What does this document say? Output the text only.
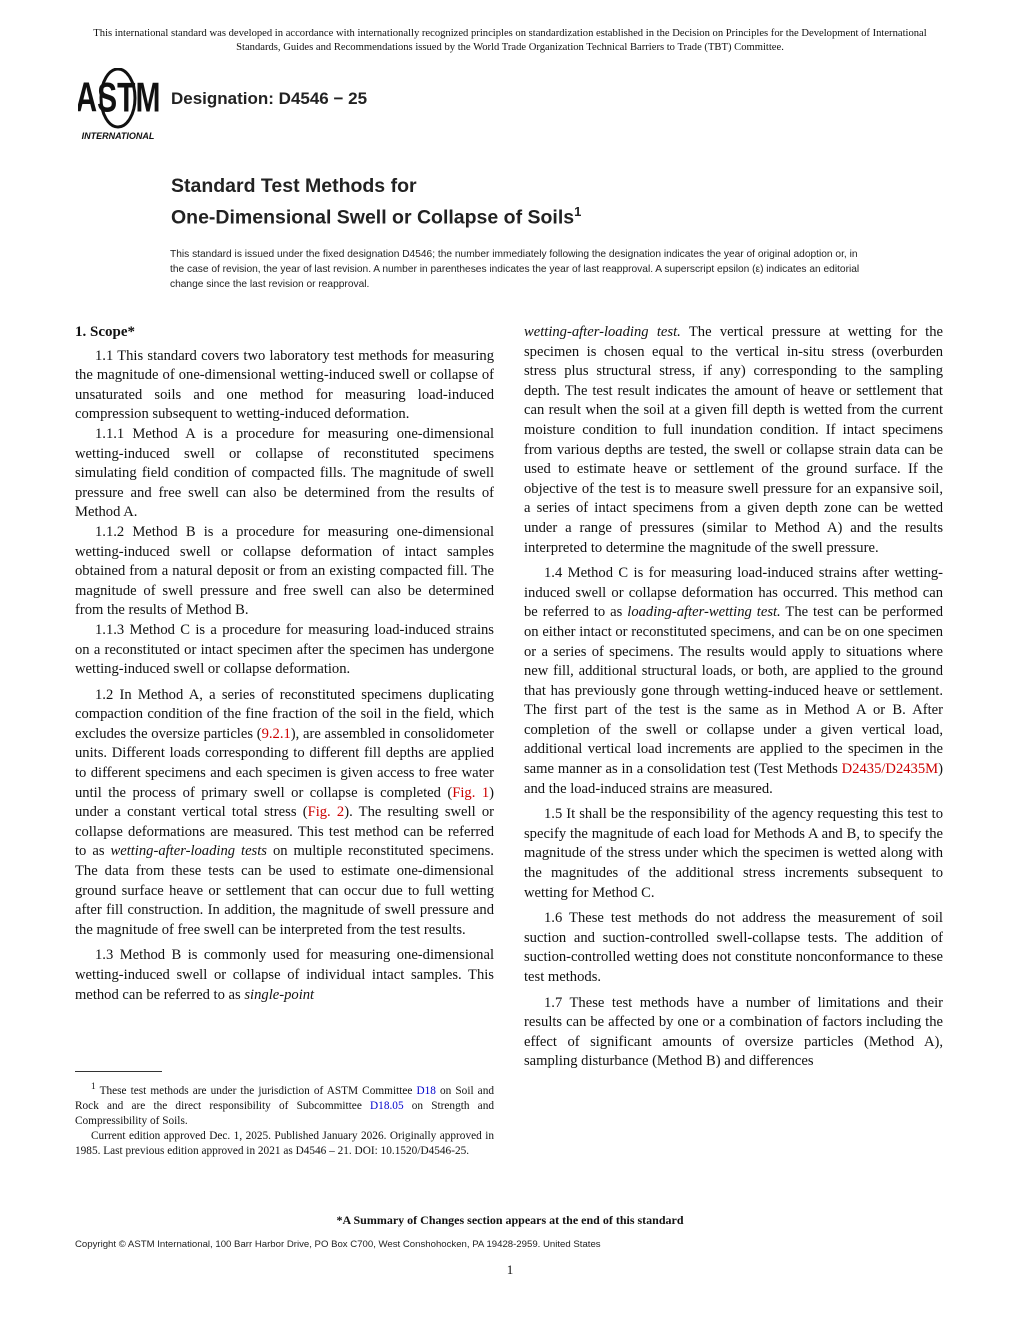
This international standard was developed in accordance with internationally recognized principles on standardization established in the Decision on Principles for the Development of International Standards, Guides and Recommendations issued by the World Trade Organization Technical Barriers to Trade (TBT) Committee.
ASTM
INTERNATIONAL
Designation: D4546 − 25
Standard Test Methods for
One-Dimensional Swell or Collapse of Soils$^1$
This standard is issued under the fixed designation D4546; the number immediately following the designation indicates the year of original adoption or, in the case of revision, the year of last revision. A number in parentheses indicates the year of last reapproval. A superscript epsilon (ε) indicates an editorial change since the last revision or reapproval.
1. Scope*

1.1 This standard covers two laboratory test methods for measuring the magnitude of one-dimensional wetting-induced swell or collapse of unsaturated soils and one method for measuring load-induced compression subsequent to wetting-induced deformation.

1.1.1 Method A is a procedure for measuring one-dimensional wetting-induced swell or collapse of reconstituted specimens simulating field condition of compacted fills. The magnitude of swell pressure and free swell can also be determined from the results of Method A.

1.1.2 Method B is a procedure for measuring one-dimensional wetting-induced swell or collapse deformation of intact samples obtained from a natural deposit or from an existing compacted fill. The magnitude of swell pressure and free swell can also be determined from the results of Method B.

1.1.3 Method C is a procedure for measuring load-induced strains on a reconstituted or intact specimen after the specimen has undergone wetting-induced swell or collapse deformation.

1.2 In Method A, a series of reconstituted specimens duplicating compaction condition of the fine fraction of the soil in the field, which excludes the oversize particles (9.2.1), are assembled in consolidometer units. Different loads corresponding to different fill depths are applied to different specimens and each specimen is given access to free water until the process of primary swell or collapse is completed (Fig. 1) under a constant vertical total stress (Fig. 2). The resulting swell or collapse deformations are measured. This test method can be referred to as wetting-after-loading tests on multiple reconstituted specimens. The data from these tests can be used to estimate one-dimensional ground surface heave or settlement that can occur due to full wetting after fill construction. In addition, the magnitude of swell pressure and the magnitude of free swell can be interpreted from the test results.

1.3 Method B is commonly used for measuring one-dimensional wetting-induced swell or collapse of individual intact samples. This method can be referred to as single-point

wetting-after-loading test. The vertical pressure at wetting for the specimen is chosen equal to the vertical in-situ stress (overburden stress plus structural stress, if any) corresponding to the sampling depth. The test result indicates the amount of heave or settlement that can result when the soil at a given fill depth is wetted from the current moisture condition to full inundation condition. If intact specimens from various depths are tested, the swell or collapse strain data can be used to estimate heave or settlement of the ground surface. If the objective of the test is to measure swell pressure for an expansive soil, a series of intact specimens from a given depth zone can be wetted under a range of pressures (similar to Method A) and the results interpreted to determine the magnitude of the swell pressure.

1.4 Method C is for measuring load-induced strains after wetting-induced swell or collapse deformation has occurred. This method can be referred to as loading-after-wetting test. The test can be performed on either intact or reconstituted specimens, and can be on one specimen or a series of specimens. The results would apply to situations where new fill, additional structural loads, or both, are applied to the ground that has previously gone through wetting-induced heave or settlement. The first part of the test is the same as in Method A or B. After completion of the swell or collapse under a given vertical load, additional vertical load increments are applied to the specimen in the same manner as in a consolidation test (Test Methods D2435/D2435M) and the load-induced strains are measured.

1.5 It shall be the responsibility of the agency requesting this test to specify the magnitude of each load for Methods A and B, to specify the magnitude of the stress under which the specimen is wetted along with the magnitudes of the additional stress increments subsequent to wetting for Method C.

1.6 These test methods do not address the measurement of soil suction and suction-controlled swell-collapse tests. The addition of suction-controlled wetting does not constitute nonconformance to these test methods.

1.7 These test methods have a number of limitations and their results can be affected by one or a combination of factors including the effect of significant amounts of oversize particles (Method A), sampling disturbance (Method B) and differences

$^1$ These test methods are under the jurisdiction of ASTM Committee D18 on Soil and Rock and are the direct responsibility of Subcommittee D18.05 on Strength and Compressibility of Soils.

Current edition approved Dec. 1, 2025. Published January 2026. Originally approved in 1985. Last previous edition approved in 2021 as D4546 – 21. DOI: 10.1520/D4546-25.

*A Summary of Changes section appears at the end of this standard
Copyright © ASTM International, 100 Barr Harbor Drive, PO Box C700, West Conshohocken, PA 19428-2959. United States
1
